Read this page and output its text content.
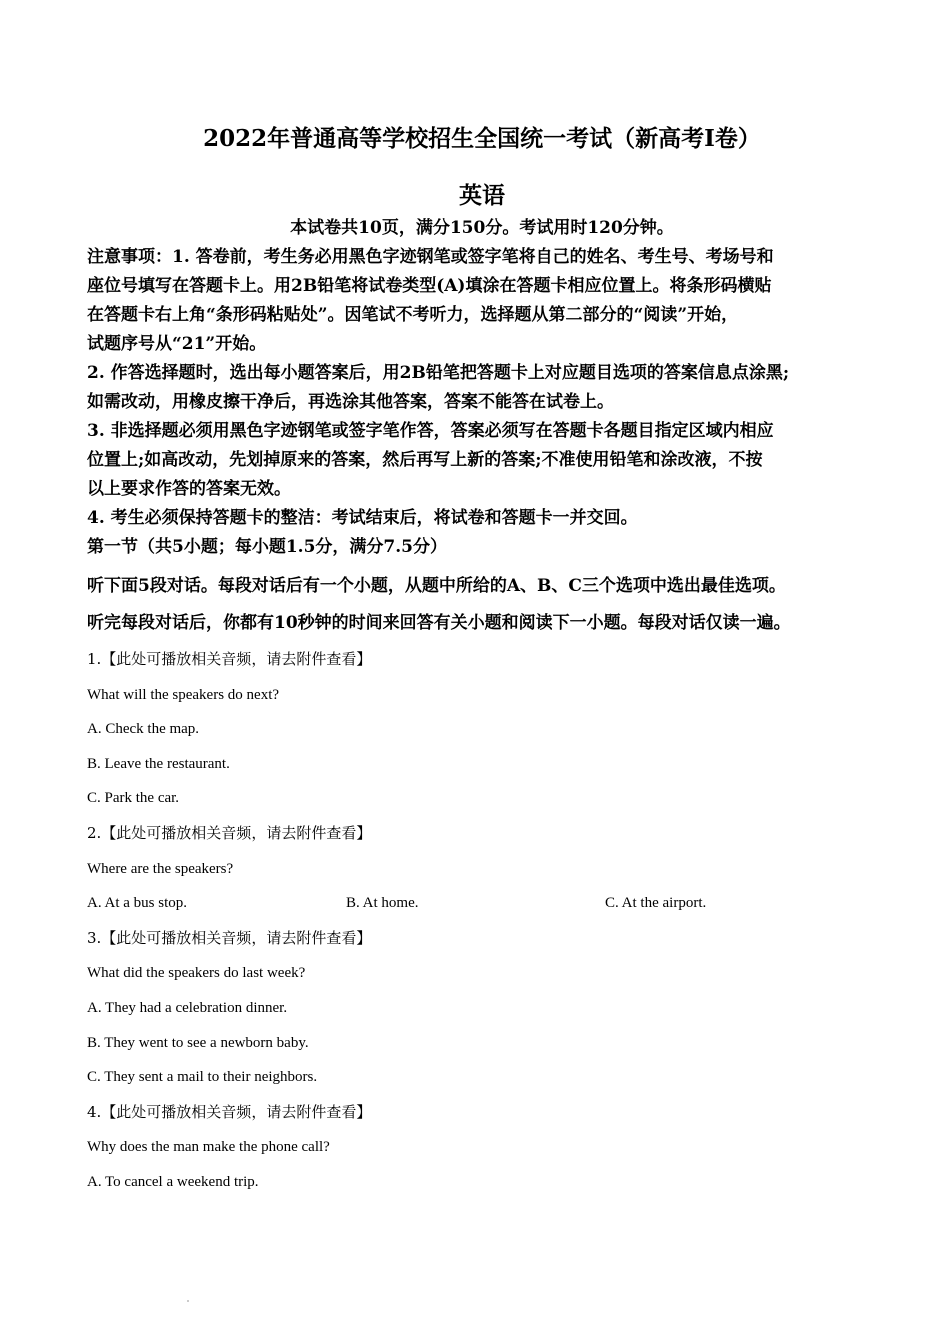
2022年普通高等学校招生全国统一考试（新高考Ⅰ卷）
英语
本试卷共10页，满分150分。考试用时120分钟。

注意事项：1. 答卷前，考生务必用黑色字迹钢笔或签字笔将自己的姓名、考生号、考场号和

座位号填写在答题卡上。用2B铅笔将试卷类型(A)填涂在答题卡相应位置上。将条形码横贴

在答题卡右上角“条形码粘贴处”。因笔试不考听力，选择题从第二部分的“阅读”开始，

试题序号从“21”开始。

2. 作答选择题时，选出每小题答案后，用2B铅笔把答题卡上对应题目选项的答案信息点涂黑;

如需改动，用橡皮擦干净后，再选涂其他答案，答案不能答在试卷上。

3. 非选择题必须用黑色字迹钢笔或签字笔作答，答案必须写在答题卡各题目指定区域内相应

位置上;如高改动，先划掉原来的答案，然后再写上新的答案;不准使用铅笔和涂改液，不按

以上要求作答的答案无效。

4. 考生必须保持答题卡的整洁：考试结束后，将试卷和答题卡一并交回。

第一节（共5小题；每小题1.5分，满分7.5分）

听下面5段对话。每段对话后有一个小题，从题中所给的A、B、C三个选项中选出最佳选项。

听完每段对话后，你都有10秒钟的时间来回答有关小题和阅读下一小题。每段对话仅读一遍。

1.【此处可播放相关音频，请去附件查看】

What will the speakers do next?

A. Check the map.

B. Leave the restaurant.

C. Park the car.

2.【此处可播放相关音频，请去附件查看】

Where are the speakers?

A. At a bus stop.	B. At home.	C. At the airport.

3.【此处可播放相关音频，请去附件查看】

What did the speakers do last week?

A. They had a celebration dinner.

B. They went to see a newborn baby.

C. They sent a mail to their neighbors.

4.【此处可播放相关音频，请去附件查看】

Why does the man make the phone call?

A. To cancel a weekend trip.
